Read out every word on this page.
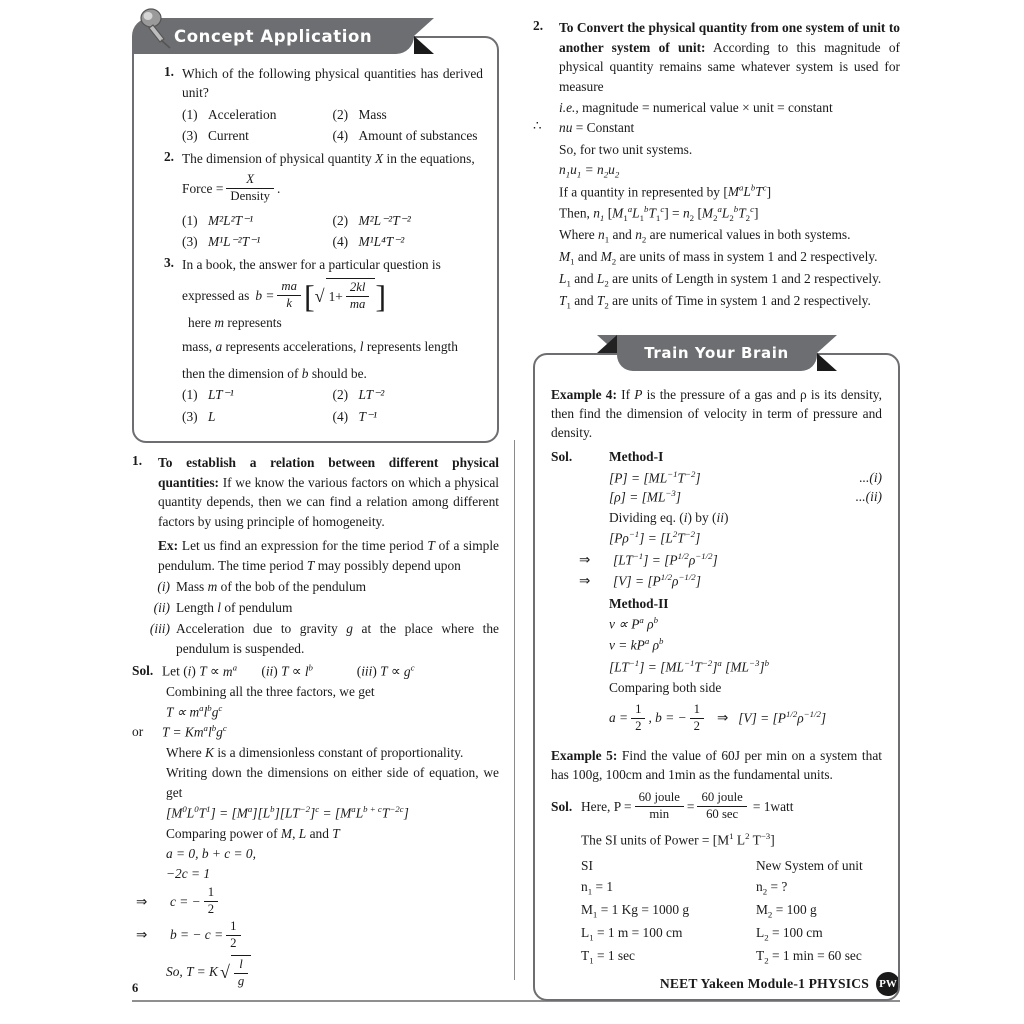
Concept Application
1. Which of the following physical quantities has derived unit?
(1) Acceleration	(2) Mass
(3) Current	(4) Amount of substances
2. The dimension of physical quantity X in the equations,
Force = $\frac{X}{\text{Density}}$ .
(1) M²L²T⁻¹	(2) M²L⁻²T⁻²
(3) M¹L⁻²T⁻¹	(4) M¹L⁴T⁻²
3. In a book, the answer for a particular question is
expressed as $b = \frac{ma}{k}$ [ √ $1+ \frac{2kl}{ma}$ ]
here m represents
mass, a represents accelerations, l represents length
then the dimension of b should be.
(1) LT⁻¹	(2) LT⁻²
(3) L	(4) T⁻¹
1.	To establish a relation between different physical quantities: If we know the various factors on which a physical quantity depends, then we can find a relation among different factors by using principle of homogeneity.
Ex: Let us find an expression for the time period T of a simple pendulum. The time period T may possibly depend upon
(i) Mass m of the bob of the pendulum
(ii) Length l of pendulum
(iii) Acceleration due to gravity g at the place where the pendulum is suspended.
Sol. Let (i) $T \propto m^a$ (ii) $T \propto l^b$	(iii) $T \propto g^c$
Combining all the three factors, we get
$T \propto m^al^bg^c$
or	$T = Km^al^bg^c$
Where K is a dimensionless constant of proportionality.
Writing down the dimensions on either side of equation, we get
$[M^0L^0T^1] = [M^a][L^b][LT^{-2}]^c = [M^aL^{b + c}T^{-2c}]$
Comparing power of M, L and T
a = 0, b + c = 0,
−2c = 1
⇒	c = − $\frac{1}{2}$
⇒	b = − $c = \frac{1}{2}$
So, T = K √ $\frac{l}{g}$
2.	To Convert the physical quantity from one system of unit to another system of unit: According to this magnitude of physical quantity remains same whatever system is used for measure
i.e., magnitude = numerical value × unit = constant
∴	nu = Constant
So, for two unit systems.
$n_1u_1 = n_2u_2$
If a quantity in represented by $[M^aL^bT^c]$
Then, $n_1$ $[M_1^aL_1^bT_1^c] = n_2$ $[M_2^aL_2^bT_2^c]$
Where $n_1$ and $n_2$ are numerical values in both systems.
$M_1$ and $M_2$ are units of mass in system 1 and 2 respectively.
$L_1$ and $L_2$ are units of Length in system 1 and 2 respectively.
$T_1$ and $T_2$ are units of Time in system 1 and 2 respectively.
Train Your Brain
Example 4: If P is the pressure of a gas and ρ is its density, then find the dimension of velocity in term of pressure and density.
Sol.	Method-I
$[P] = [ML^{-1}T^{-2}]$	...(i)
$[\rho] = [ML^{-3}]$	...(ii)
Dividing eq. (i) by (ii)
$[P\rho^{-1}] = [L^2T^{-2}]$
⇒	$[LT^{-1}] = [P^{1/2}\rho^{-1/2}]$
⇒	$[V] = [P^{1/2}\rho^{-1/2}]$
Method-II
$v \propto P^a$ $\rho^b$
$v = kP^a$ $\rho^b$
$[LT^{-1}] = [ML^{-1}T^{-2}]^a$ $[ML^{-3}]^b$
Comparing both side
$a = \frac{1}{2}$ , b = − $\frac{1}{2}$ ⇒ $[V] = [P^{1/2}\rho^{-1/2}]$
Example 5: Find the value of 60J per min on a system that has 100g, 100cm and 1min as the fundamental units.
Sol. Here, $P = \frac{\text{60 joule}}{\min} = \frac{\text{60 joule}}{60 \sec}$ = 1watt
The SI units of Power = [$M^1$ $L^2$ $T^{-3}$]
SI	New System of unit
$n_1 = 1$	$n_2$ = ?
$M_1 = 1$ Kg = 1000 g	$M_2 = 100$ g
$L_1 = 1$ m = 100 cm	$L_2 = 100$ cm
$T_1 = 1$ sec	$T_2 = 1$ min = 60 sec
6	NEET Yakeen Module-1 PHYSICS PW
